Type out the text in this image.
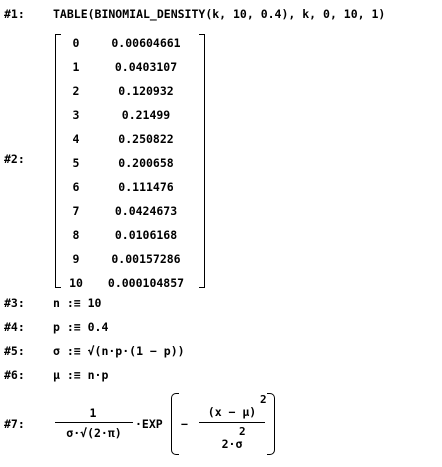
#1: TABLE(BINOMIAL_DENSITY(k, 10, 0.4), k, 0, 10, 1)
#2:
0	0.00604661
1	0.0403107
2	0.120932
3	0.21499
4	0.250822
5	0.200658
6	0.111476
7	0.0424673
8	0.0106168
9	0.00157286
10	0.000104857
#3: n :≡ 10
#4: p :≡ 0.4
#5: σ :≡ √(n·p·(1 − p))
#6: μ :≡ n·p
#7:
1
σ·√(2·π)
·EXP −
(x − μ)
2
2·σ
2
